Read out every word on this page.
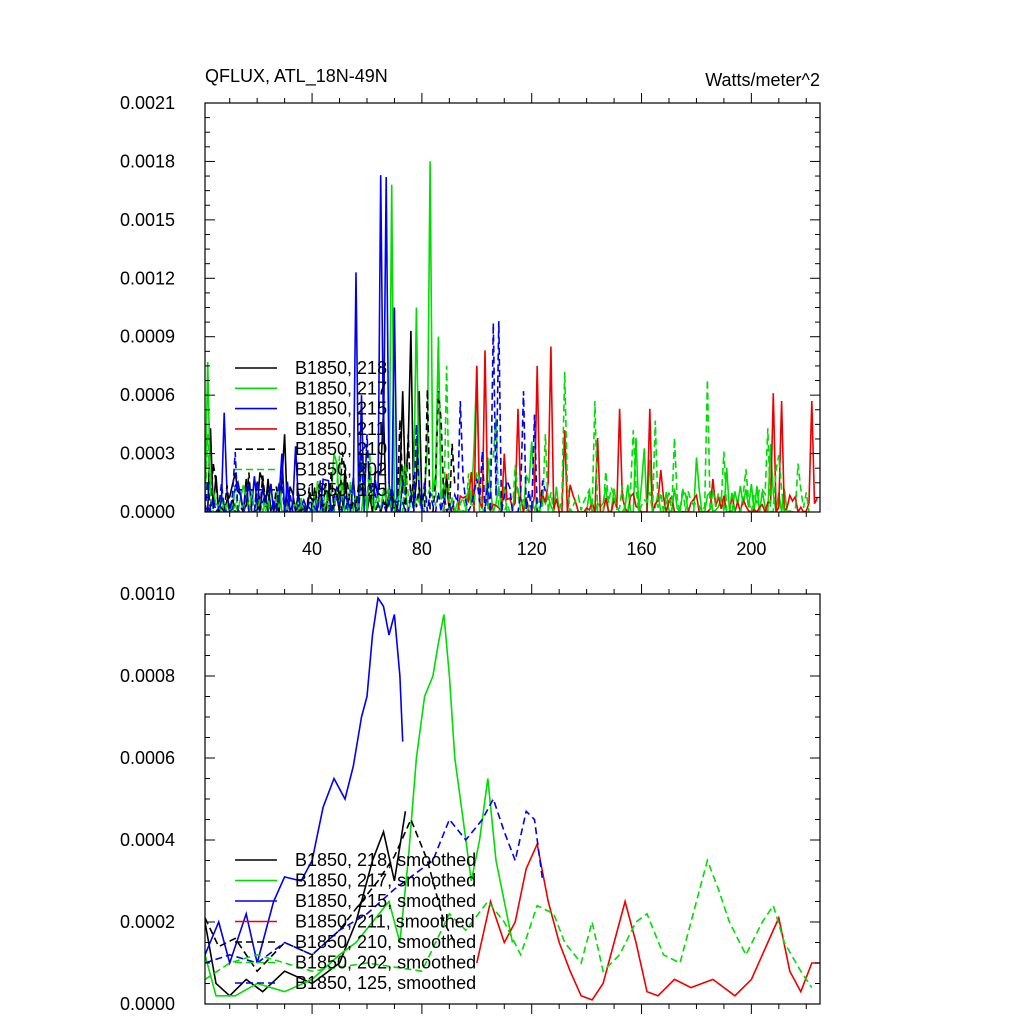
QFLUX, ATL_18N-49N	Watts/meter^2
0.0000
0.0003
0.0006
0.0009
0.0012
0.0015
0.0018
0.0021
40	80	120	160	200
B1850, 218
B1850, 217
B1850, 215
B1850, 211
B1850, 210
B1850, 202
B1850, 125
0.0000
0.0002
0.0004
0.0006
0.0008
0.0010
B1850, 218, smoothed
B1850, 217, smoothed
B1850, 215, smoothed
B1850, 211, smoothed
B1850, 210, smoothed
B1850, 202, smoothed
B1850, 125, smoothed
